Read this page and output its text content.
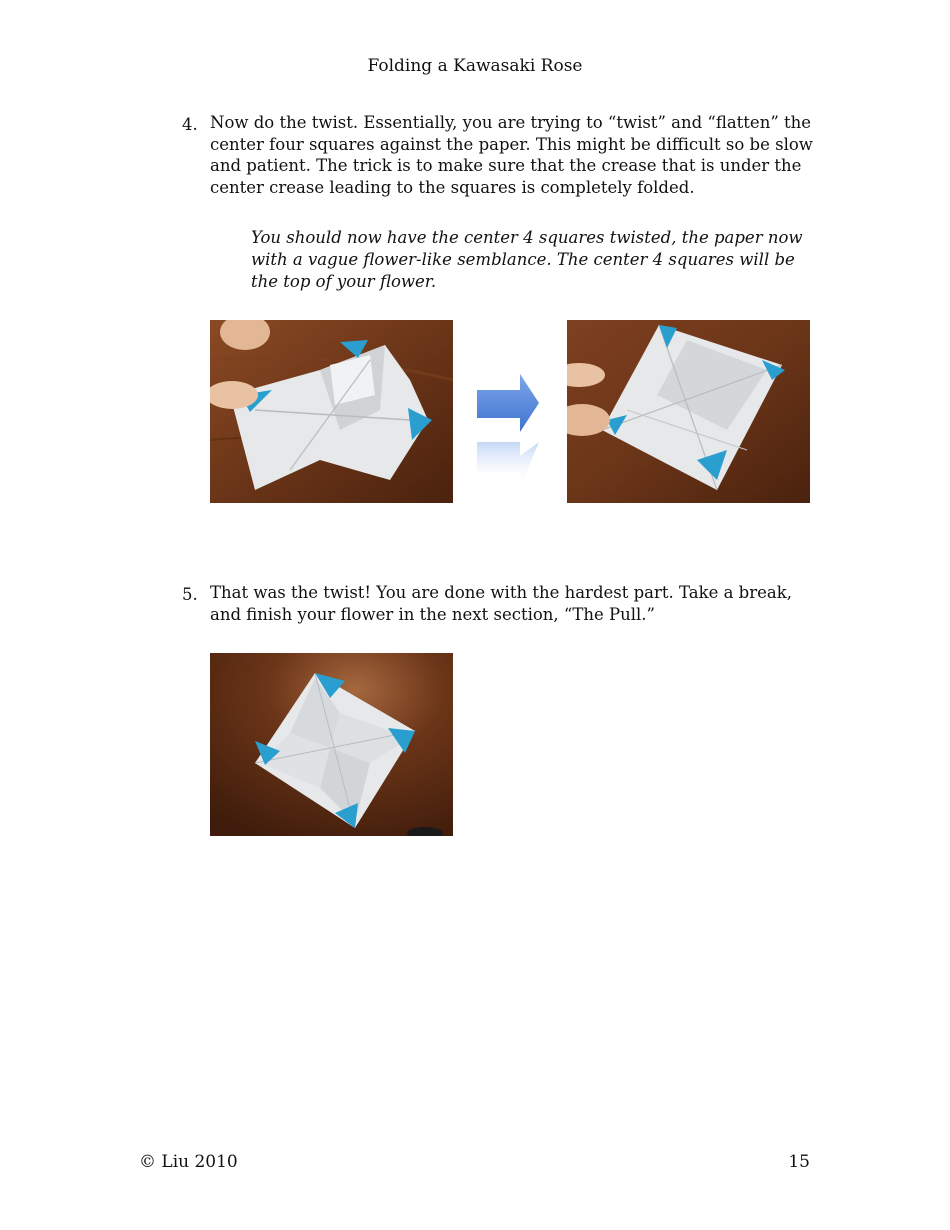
Folding a Kawasaki Rose
4. Now do the twist. Essentially, you are trying to “twist” and “flatten” the center four squares against the paper. This might be difficult so be slow and patient. The trick is to make sure that the crease that is under the center crease leading to the squares is completely folded.
You should now have the center 4 squares twisted, the paper now with a vague flower-like semblance. The center 4 squares will be the top of your flower.
5. That was the twist! You are done with the hardest part. Take a break, and finish your flower in the next section, “The Pull.”
© Liu 2010	15
